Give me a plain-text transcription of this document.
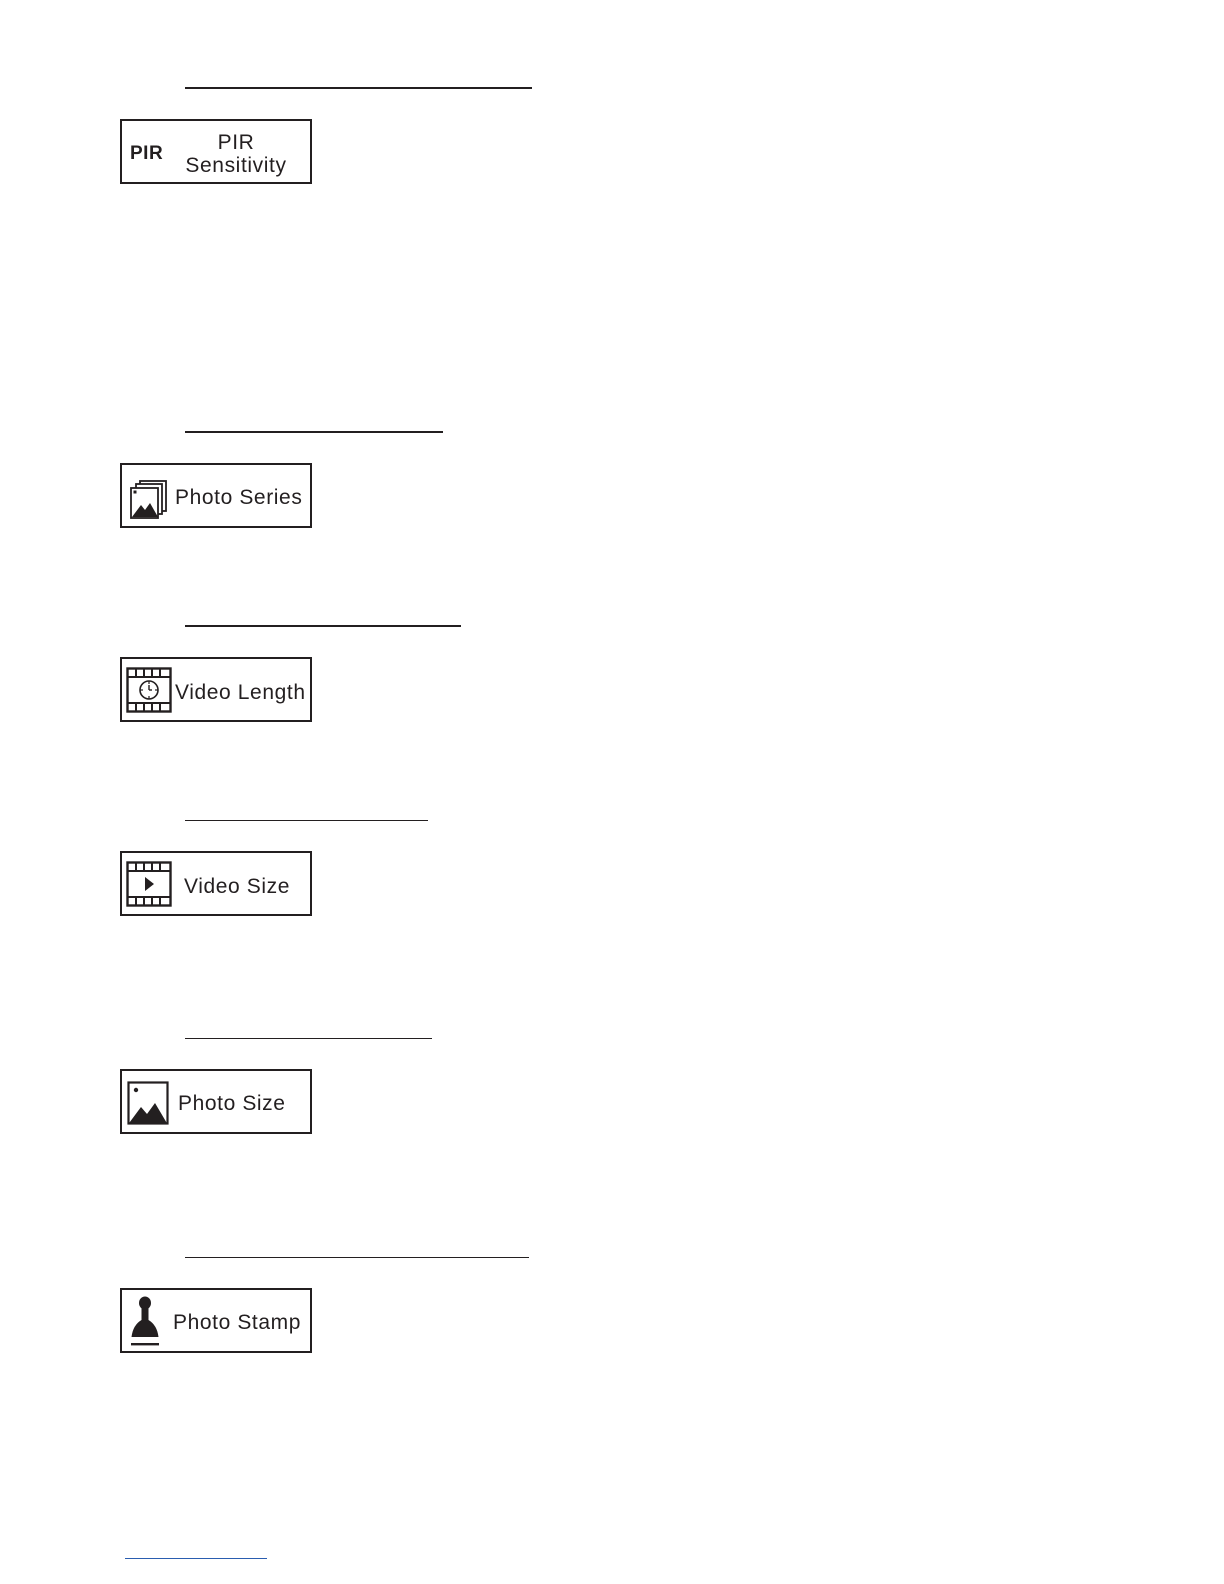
PIR	PIR
Sensitivity
Photo Series
Video Length
Video Size
Photo Size
Photo Stamp
